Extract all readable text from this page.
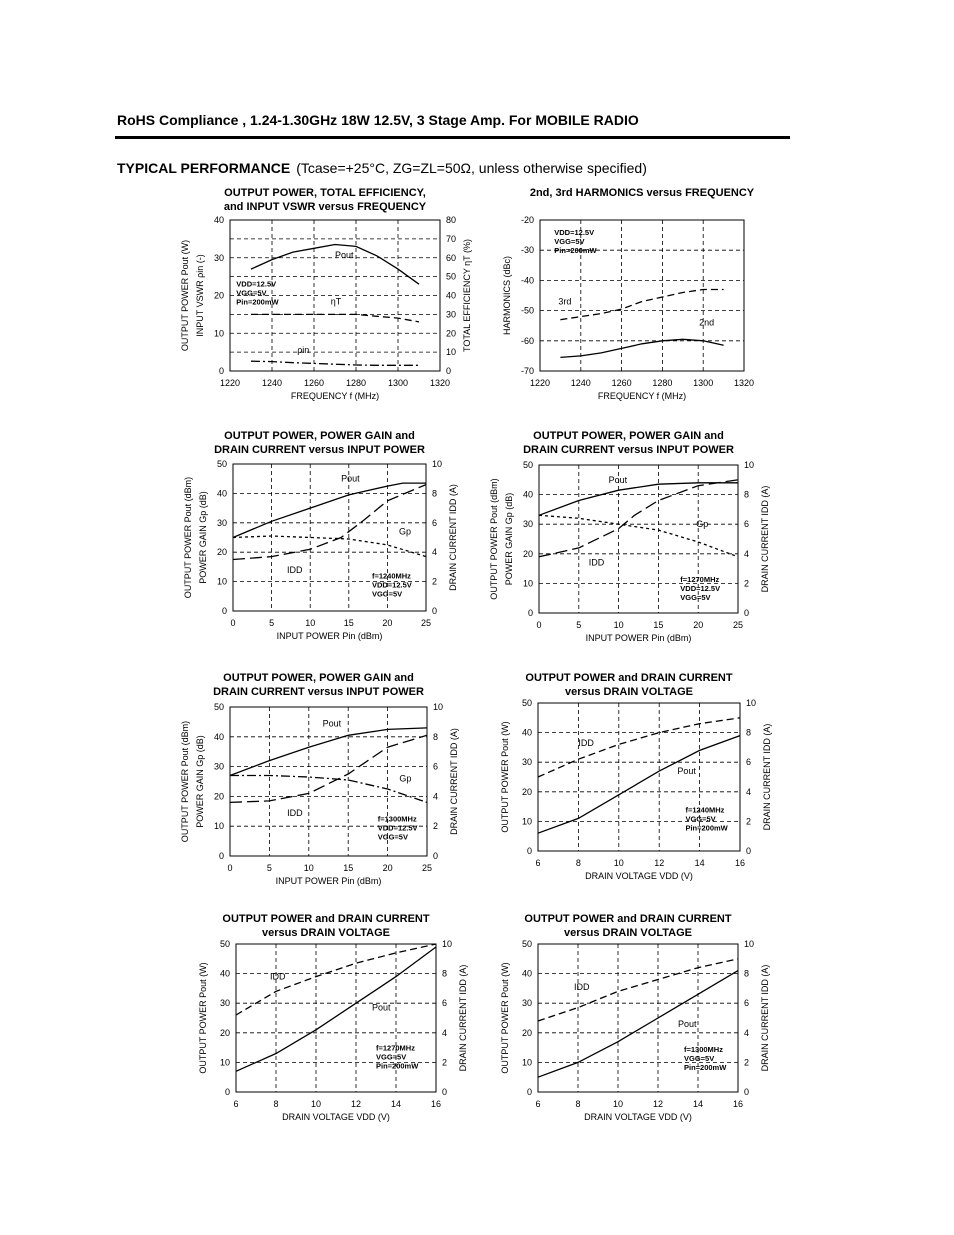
RoHS Compliance , 1.24-1.30GHz 18W 12.5V, 3 Stage Amp. For MOBILE RADIO
TYPICAL PERFORMANCE (Tcase=+25°C, ZG=ZL=50Ω, unless otherwise specified)
OUTPUT POWER, TOTAL EFFICIENCY,
and INPUT VSWR versus FREQUENCY
1220 1240 1260 1280 1300 1320
0
10
20
30
40
0
10
20
30
40
50
60
70
80
FREQUENCY f (MHz)
OUTPUT POWER Pout (W) INPUT VSWR ρin (-)	TOTAL EFFICIENCY ηT (%)
Pout
ηT
ρin
VDD=12.5V
VGG=5V
Pin=200mW
2nd, 3rd HARMONICS versus FREQUENCY
1220 1240 1260 1280 1300 1320
-70
-60
-50
-40
-30
-20
FREQUENCY f (MHz)
HARMONICS (dBc)	3rd
2nd
VDD=12.5V
VGG=5V
Pin=200mW
OUTPUT POWER, POWER GAIN and
DRAIN CURRENT versus INPUT POWER
0	5	10	15	20	25
0
10
20
30
40
50
0
2
4
6
8
10
INPUT POWER Pin (dBm)
OUTPUT POWER Pout (dBm) POWER GAIN Gp (dB)	DRAIN CURRENT IDD (A)
Pout
Gp
IDD
f=1240MHz
VDD=12.5V
VGG=5V
OUTPUT POWER, POWER GAIN and
DRAIN CURRENT versus INPUT POWER
0	5	10	15	20	25
0
10
20
30
40
50
0
2
4
6
8
10
INPUT POWER Pin (dBm)
OUTPUT POWER Pout (dBm) POWER GAIN Gp (dB)	DRAIN CURRENT IDD (A)
Pout
Gp
IDD
f=1270MHz
VDD=12.5V
VGG=5V
OUTPUT POWER, POWER GAIN and
DRAIN CURRENT versus INPUT POWER
0	5	10	15	20	25
0
10
20
30
40
50
0
2
4
6
8
10
INPUT POWER Pin (dBm)
OUTPUT POWER Pout (dBm) POWER GAIN Gp (dB)	DRAIN CURRENT IDD (A)
Pout
Gp
IDD
f=1300MHz
VDD=12.5V
VGG=5V
OUTPUT POWER and DRAIN CURRENT
versus DRAIN VOLTAGE
6	8	10	12	14	16
0
10
20
30
40
50
0
2
4
6
8
10
DRAIN VOLTAGE VDD (V)
OUTPUT POWER Pout (W)	DRAIN CURRENT IDD (A)
IDD
Pout
f=1240MHz
VGG=5V
Pin=200mW
OUTPUT POWER and DRAIN CURRENT
versus DRAIN VOLTAGE
6	8	10	12	14	16
0
10
20
30
40
50
0
2
4
6
8
10
DRAIN VOLTAGE VDD (V)
OUTPUT POWER Pout (W)	DRAIN CURRENT IDD (A)
IDD
Pout
f=1270MHz
VGG=5V
Pin=200mW
OUTPUT POWER and DRAIN CURRENT
versus DRAIN VOLTAGE
6	8	10	12	14	16
0
10
20
30
40
50
0
2
4
6
8
10
DRAIN VOLTAGE VDD (V)
OUTPUT POWER Pout (W)	DRAIN CURRENT IDD (A)
IDD
Pout
f=1300MHz
VGG=5V
Pin=200mW
